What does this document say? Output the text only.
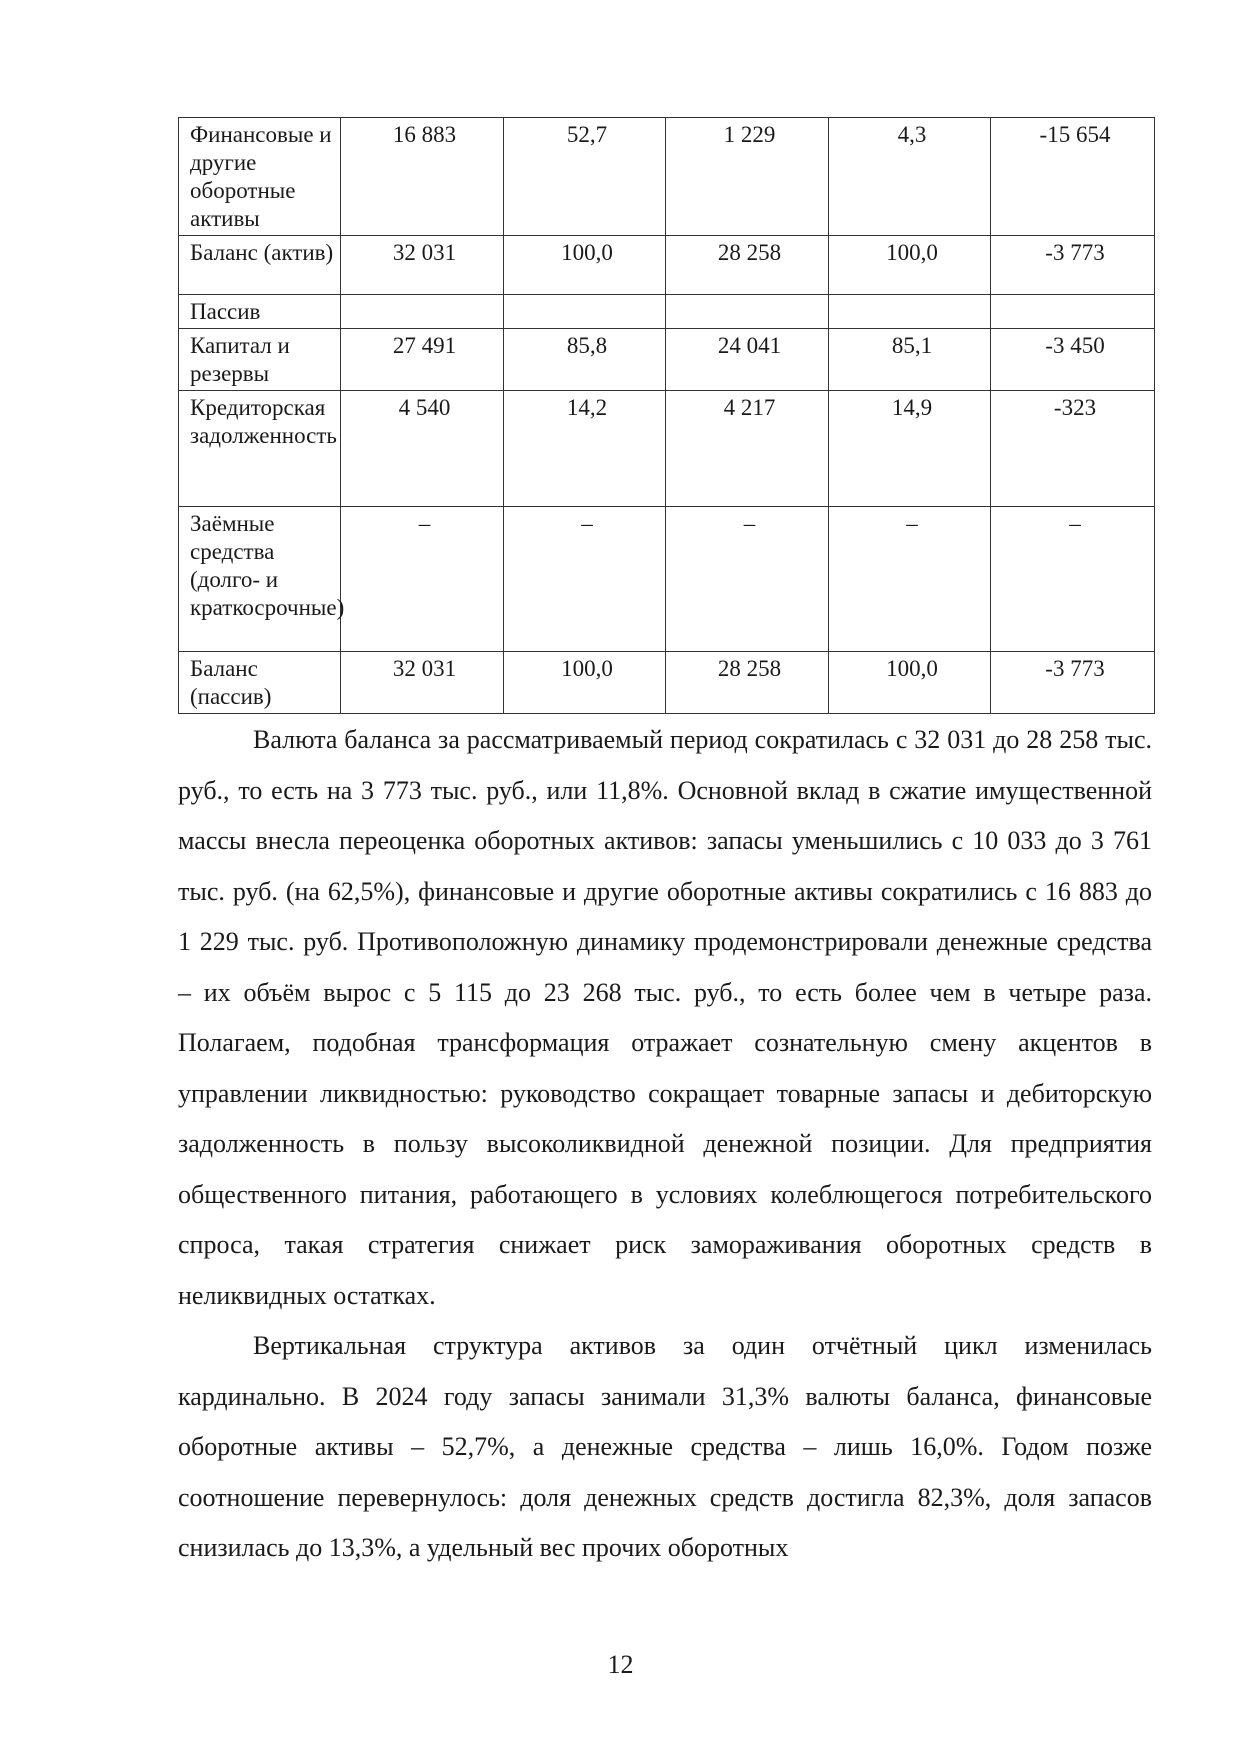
Финансовые и другие оборотные активы	16 883	52,7	1 229	4,3	-15 654
Баланс (актив)	32 031	100,0	28 258	100,0	-3 773
Пассив					
Капитал и резервы	27 491	85,8	24 041	85,1	-3 450
Кредиторская задолженность	4 540	14,2	4 217	14,9	-323
Заёмные средства (долго- и краткосрочные)	–	–	–	–	–
Баланс (пассив)	32 031	100,0	28 258	100,0	-3 773

Валюта баланса за рассматриваемый период сократилась с 32 031 до 28 258 тыс. руб., то есть на 3 773 тыс. руб., или 11,8%. Основной вклад в сжатие имущественной массы внесла переоценка оборотных активов: запасы уменьшились с 10 033 до 3 761 тыс. руб. (на 62,5%), финансовые и другие оборотные активы сократились с 16 883 до 1 229 тыс. руб. Противоположную динамику продемонстрировали денежные средства – их объём вырос с 5 115 до 23 268 тыс. руб., то есть более чем в четыре раза. Полагаем, подобная трансформация отражает сознательную смену акцентов в управлении ликвидностью: руководство сокращает товарные запасы и дебиторскую задолженность в пользу высоколиквидной денежной позиции. Для предприятия общественного питания, работающего в условиях колеблющегося потребительского спроса, такая стратегия снижает риск замораживания оборотных средств в неликвидных остатках.

Вертикальная структура активов за один отчётный цикл изменилась кардинально. В 2024 году запасы занимали 31,3% валюты баланса, финансовые оборотные активы – 52,7%, а денежные средства – лишь 16,0%. Годом позже соотношение перевернулось: доля денежных средств достигла 82,3%, доля запасов снизилась до 13,3%, а удельный вес прочих оборотных

12
